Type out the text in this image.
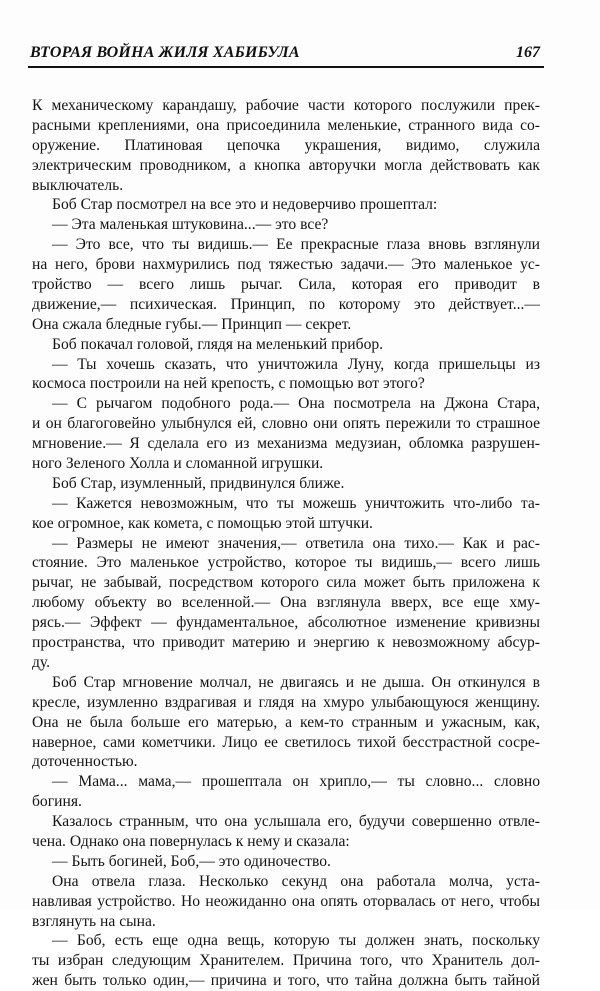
ВТОРАЯ ВОЙНА ЖИЛЯ ХАБИБУЛА	167
К механическому карандашу, рабочие части которого послужили прек-
расными креплениями, она присоединила меленькие, странного вида со-
оружение. Платиновая цепочка украшения, видимо, служила
электрическим проводником, а кнопка авторучки могла действовать как
выключатель.
Боб Стар посмотрел на все это и недоверчиво прошептал:
— Эта маленькая штуковина...— это все?
— Это все, что ты видишь.— Ее прекрасные глаза вновь взглянули
на него, брови нахмурились под тяжестью задачи.— Это маленькое ус-
тройство — всего лишь рычаг. Сила, которая его приводит в
движение,— психическая. Принцип, по которому это действует...—
Она сжала бледные губы.— Принцип — секрет.
Боб покачал головой, глядя на меленький прибор.
— Ты хочешь сказать, что уничтожила Луну, когда пришельцы из
космоса построили на ней крепость, с помощью вот этого?
— С рычагом подобного рода.— Она посмотрела на Джона Стара,
и он благоговейно улыбнулся ей, словно они опять пережили то страшное
мгновение.— Я сделала его из механизма медузиан, обломка разрушен-
ного Зеленого Холла и сломанной игрушки.
Боб Стар, изумленный, придвинулся ближе.
— Кажется невозможным, что ты можешь уничтожить что-либо та-
кое огромное, как комета, с помощью этой штучки.
— Размеры не имеют значения,— ответила она тихо.— Как и рас-
стояние. Это маленькое устройство, которое ты видишь,— всего лишь
рычаг, не забывай, посредством которого сила может быть приложена к
любому объекту во вселенной.— Она взглянула вверх, все еще хму-
рясь.— Эффект — фундаментальное, абсолютное изменение кривизны
пространства, что приводит материю и энергию к невозможному абсур-
ду.
Боб Стар мгновение молчал, не двигаясь и не дыша. Он откинулся в
кресле, изумленно вздрагивая и глядя на хмуро улыбающуюся женщину.
Она не была больше его матерью, а кем-то странным и ужасным, как,
наверное, сами кометчики. Лицо ее светилось тихой бесстрастной сосре-
доточенностью.
— Мама... мама,— прошептала он хрипло,— ты словно... словно
богиня.
Казалось странным, что она услышала его, будучи совершенно отвле-
чена. Однако она повернулась к нему и сказала:
— Быть богиней, Боб,— это одиночество.
Она отвела глаза. Несколько секунд она работала молча, уста-
навливая устройство. Но неожиданно она опять оторвалась от него, чтобы
взглянуть на сына.
— Боб, есть еще одна вещь, которую ты должен знать, поскольку
ты избран следующим Хранителем. Причина того, что Хранитель дол-
жен быть только один,— причина и того, что тайна должна быть тайной
